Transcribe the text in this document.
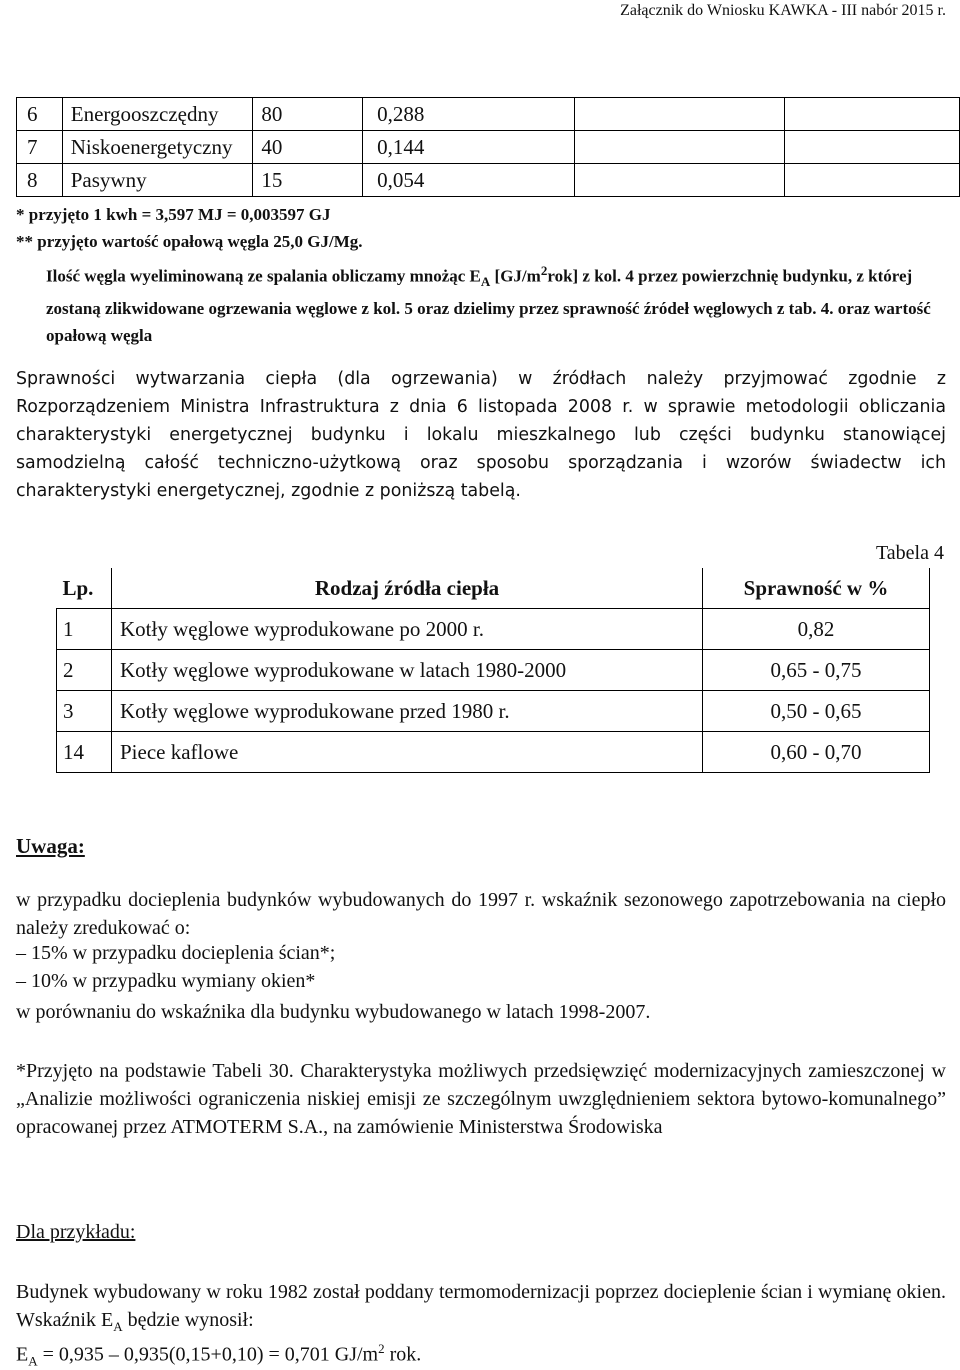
Załącznik do Wniosku KAWKA - III nabór 2015 r.
6	Energooszczędny	80	0,288		
7	Niskoenergetyczny	40	0,144		
8	Pasywny	15	0,054		
* przyjęto 1 kwh = 3,597 MJ = 0,003597 GJ
** przyjęto wartość opałową węgla 25,0 GJ/Mg.
Ilość węgla wyeliminowaną ze spalania obliczamy mnożąc $E_A$ $[GJ/m^2rok]$ z kol. 4 przez powierzchnię budynku, z której zostaną zlikwidowane ogrzewania węglowe z kol. 5 oraz dzielimy przez sprawność źródeł węglowych z tab. 4. oraz wartość opałową węgla
Sprawności wytwarzania ciepła (dla ogrzewania) w źródłach należy przyjmować zgodnie z Rozporządzeniem Ministra Infrastruktura z dnia 6 listopada 2008 r. w sprawie metodologii obliczania charakterystyki energetycznej budynku i lokalu mieszkalnego lub części budynku stanowiącej samodzielną całość techniczno-użytkową oraz sposobu sporządzania i wzorów świadectw ich charakterystyki energetycznej, zgodnie z poniższą tabelą.
Tabela 4
Lp.	Rodzaj źródła ciepła	Sprawność w %
1	Kotły węglowe wyprodukowane po 2000 r.	0,82
2	Kotły węglowe wyprodukowane w latach 1980-2000	0,65 - 0,75
3	Kotły węglowe wyprodukowane przed 1980 r.	0,50 - 0,65
14	Piece kaflowe	0,60 - 0,70
Uwaga:
w przypadku docieplenia budynków wybudowanych do 1997 r. wskaźnik sezonowego zapotrzebowania na ciepło należy zredukować o:
– 15% w przypadku docieplenia ścian*;
– 10% w przypadku wymiany okien*
w porównaniu do wskaźnika dla budynku wybudowanego w latach 1998-2007.
*Przyjęto na podstawie Tabeli 30. Charakterystyka możliwych przedsięwzięć modernizacyjnych zamieszczonej w „Analizie możliwości ograniczenia niskiej emisji ze szczególnym uwzględnieniem sektora bytowo-komunalnego” opracowanej przez ATMOTERM S.A., na zamówienie Ministerstwa Środowiska
Dla przykładu:
Budynek wybudowany w roku 1982 został poddany termomodernizacji poprzez docieplenie ścian i wymianę okien. Wskaźnik $E_A$ będzie wynosił:
$E_A = 0,935 - 0,935(0,15+0,10) = 0,701$ $GJ/m^2$ rok.
